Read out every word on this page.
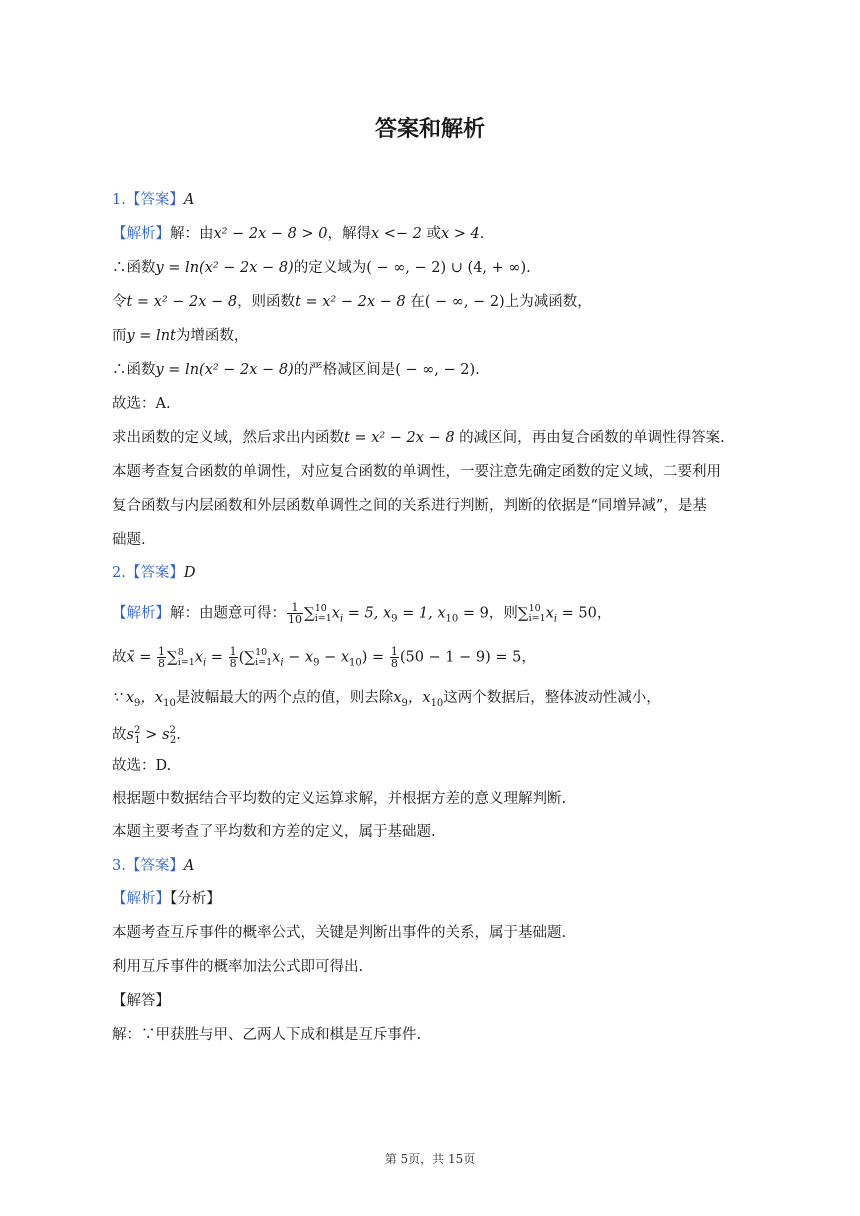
答案和解析
1.【答案】A
【解析】解：由x² − 2x − 8 > 0，解得x <− 2 或x > 4.
∴函数y = ln(x² − 2x − 8)的定义域为( − ∞, − 2) ∪ (4, + ∞).
令t = x² − 2x − 8，则函数t = x² − 2x − 8 在( − ∞, − 2)上为减函数，
而y = lnt为增函数，
∴函数y = ln(x² − 2x − 8)的严格减区间是( − ∞, − 2).
故选：A.
求出函数的定义域，然后求出内函数t = x² − 2x − 8 的减区间，再由复合函数的单调性得答案.
本题考查复合函数的单调性，对应复合函数的单调性，一要注意先确定函数的定义域，二要利用
复合函数与内层函数和外层函数单调性之间的关系进行判断，判断的依据是“同增异减”，是基
础题.
2.【答案】D
【解析】解：由题意可得： $\frac{1}{10}$ ∑ 10
i=1 $x_i = 5$, $x_9 = 1$, $x_{10} = 9$，则∑ 10
i=1 $x_i = 50$，
故x̄ = $\frac{1}{8}$ ∑ 8
i=1 $x_i = \frac{1}{8}$ (∑ 10
i=1 $x_i - x_9 - x_{10}) = \frac{1}{8} (50 - 1 - 9) = 5$，
∵ $x_9$，$x_{10}$是波幅最大的两个点的值，则去除$x_9$，$x_{10}$这两个数据后，整体波动性减小，
故$s^2_1 > s^2_2$.
故选：D.
根据题中数据结合平均数的定义运算求解，并根据方差的意义理解判断.
本题主要考查了平均数和方差的定义，属于基础题.
3.【答案】A
【解析】【分析】
本题考查互斥事件的概率公式，关键是判断出事件的关系，属于基础题.
利用互斥事件的概率加法公式即可得出.
【解答】
解：∵甲获胜与甲、乙两人下成和棋是互斥事件.
第 5页，共 15页
